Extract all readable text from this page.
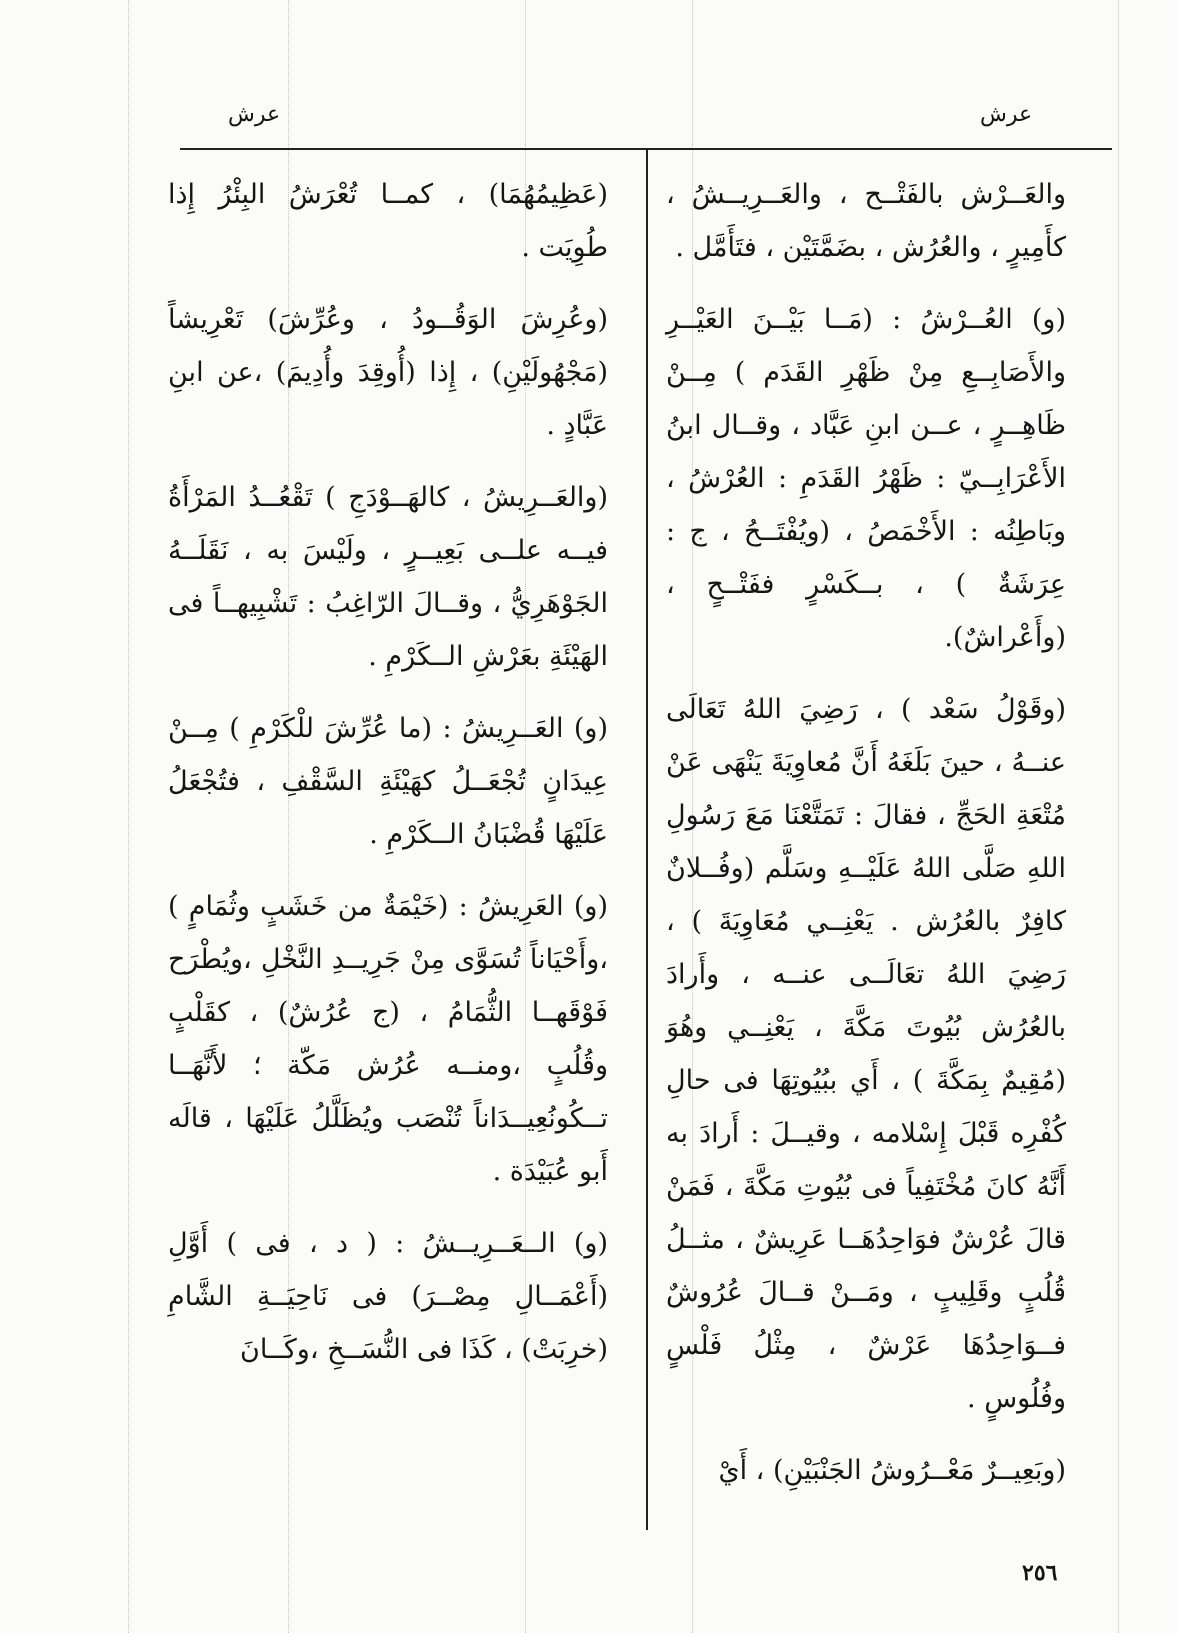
عرش
عرش

والعَــرْش بالفَتْــح ، والعَــرِيــشُ ، كأَمِيرٍ ، والعُرُش ، بضَمَّتَيْن ، فتَأَمَّل .

(و) العُــرْشُ : (مَــا بَيْــنَ العَيْــرِ والأَصَابِــعِ مِنْ ظَهْرِ القَدَم ) مِــنْ ظَاهِــرٍ ، عــن ابنِ عَبَّاد ، وقــال ابنُ الأَعْرَابِــيّ : ظَهْرُ القَدَمِ : العُرْشُ ، وبَاطِنُه : الأَخْمَصُ ، (ويُفْتَــحُ ، ج : عِرَشَةٌ ) ، بــكَسْرٍ ففَتْــحٍ ،(وأَعْراشٌ).

(وقَوْلُ سَعْد ) ، رَضِيَ اللهُ تَعَالَى عنــهُ ، حينَ بَلَغَهُ أَنَّ مُعاوِيَةَ يَنْهَى عَنْ مُتْعَةِ الحَجِّ ، فقالَ : تَمَتَّعْنَا مَعَ رَسُولِ اللهِ صَلَّى اللهُ عَلَيْــهِ وسَلَّم (وفُــلانٌ كافِرٌ بالعُرُش . يَعْنِــي مُعَاوِيَةَ ) ، رَضِيَ اللهُ تعَالَــى عنــه ، وأَرادَ بالعُرُش بُيُوتَ مَكَّةَ ، يَعْنِــي وهُوَ (مُقِيمٌ بِمَكَّةَ ) ، أَي ببُيُوتِهَا فى حالِ كُفْرِه قَبْلَ إِسْلامه ، وقيــلَ : أَرادَ به أَنَّهُ كانَ مُخْتَفِياً فى بُيُوتِ مَكَّةَ ، فَمَنْ قالَ عُرْشٌ فوَاحِدُهَــا عَرِيشٌ ، مثــلُ قُلُبٍ وقَلِيبٍ ، ومَــنْ قــالَ عُرُوشٌ فــوَاحِدُهَا عَرْشٌ ، مِثْلُ فَلْسٍ وفُلُوسٍ .

(وبَعِيــرٌ مَعْــرُوشُ الجَنْبَيْنِ) ، أَيْ

(عَظِيمُهُمَا) ، كمــا تُعْرَشُ البِئْرُ إِذا طُوِيَت .

(وعُرِشَ الوَقُــودُ ، وعُرِّشَ) تَعْرِيشاً (مَجْهُولَيْنِ) ، إِذا (أُوقِدَ وأُدِيمَ) ،عن ابنِ عَبَّادٍ .

(والعَــرِيشُ ، كالهَــوْدَجِ ) تَقْعُــدُ المَرْأَةُ فيــه علــى بَعِيــرٍ ، ولَيْسَ به ، نَقَلَــهُ الجَوْهَرِيُّ ، وقــالَ الرّاغِبُ : تَشْبِيهــاً فى الهَيْئَةِ بعَرْشِ الــكَرْمِ .

(و) العَــرِيشُ : (ما عُرِّشَ للْكَرْمِ ) مِــنْ عِيدَانٍ تُجْعَــلُ كهَيْئَةِ السَّقْفِ ، فتُجْعَلُ عَلَيْهَا قُضْبَانُ الــكَرْمِ .

(و) العَرِيشُ : (خَيْمَةٌ من خَشَبٍ وثُمَامٍ ) ،وأَحْيَاناً تُسَوَّى مِنْ جَرِيــدِ النَّخْلِ ،ويُطْرَح فَوْقَهــا الثُّمَامُ ، (ج عُرُشٌ) ، كقَلْبٍ وقُلُبٍ ،ومنــه عُرُش مَكّة ؛ لأَنَّهَــا تــكُونُعِيــدَاناً تُنْصَب ويُظَلَّلُ عَلَيْهَا ، قالَه أَبو عُبَيْدَة .

(و) الــعَــرِيــشُ : ( د ، فى ) أَوَّلِ (أَعْمَــالِ مِصْــرَ) فى نَاحِيَــةِ الشَّامِ (خرِبَتْ) ، كَذَا فى النُّسَــخِ ،وكَــانَ

٢٥٦
